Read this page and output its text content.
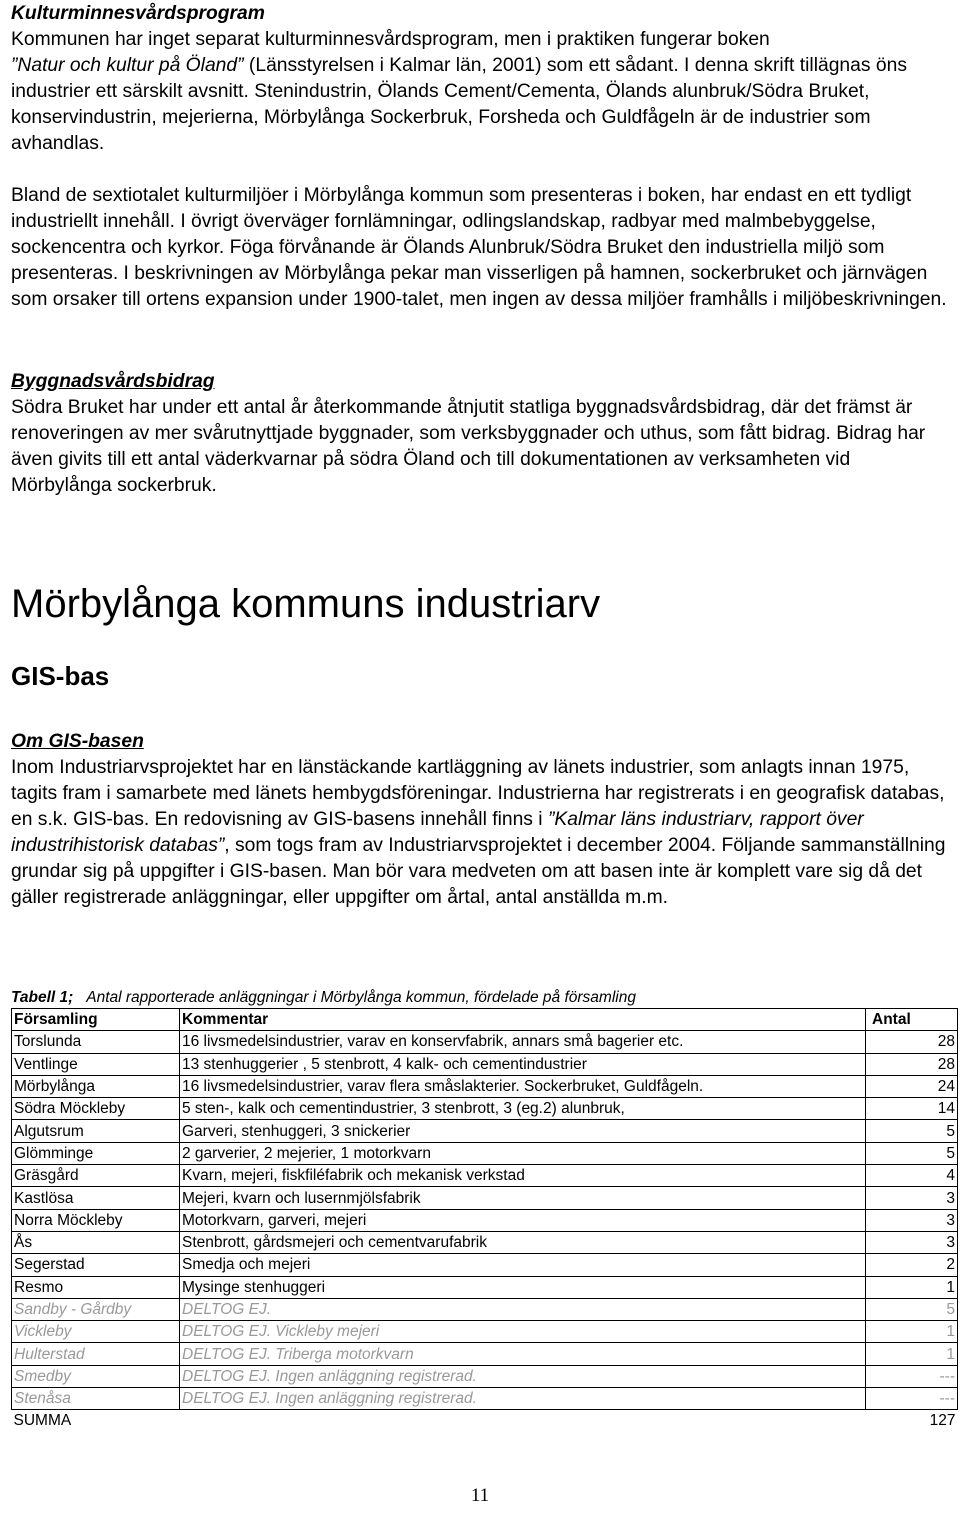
Kulturminnesvårdsprogram

Kommunen har inget separat kulturminnesvårdsprogram, men i praktiken fungerar boken
”Natur och kultur på Öland” (Länsstyrelsen i Kalmar län, 2001) som ett sådant. I denna skrift tillägnas öns industrier ett särskilt avsnitt. Stenindustrin, Ölands Cement/Cementa, Ölands alunbruk/Södra Bruket, konservindustrin, mejerierna, Mörbylånga Sockerbruk, Forsheda och Guldfågeln är de industrier som avhandlas.

Bland de sextiotalet kulturmiljöer i Mörbylånga kommun som presenteras i boken, har endast en ett tydligt industriellt innehåll. I övrigt överväger fornlämningar, odlingslandskap, radbyar med malmbebyggelse, sockencentra och kyrkor. Föga förvånande är Ölands Alunbruk/Södra Bruket den industriella miljö som presenteras. I beskrivningen av Mörbylånga pekar man visserligen på hamnen, sockerbruket och järnvägen som orsaker till ortens expansion under 1900-talet, men ingen av dessa miljöer framhålls i miljöbeskrivningen.

Byggnadsvårdsbidrag

Södra Bruket har under ett antal år återkommande åtnjutit statliga byggnadsvårdsbidrag, där det främst är renoveringen av mer svårutnyttjade byggnader, som verksbyggnader och uthus, som fått bidrag. Bidrag har även givits till ett antal väderkvarnar på södra Öland och till dokumentationen av verksamheten vid Mörbylånga sockerbruk.

Mörbylånga kommuns industriarv
GIS-bas
Om GIS-basen

Inom Industriarvsprojektet har en länstäckande kartläggning av länets industrier, som anlagts innan 1975, tagits fram i samarbete med länets hembygdsföreningar. Industrierna har registrerats i en geografisk databas, en s.k. GIS-bas. En redovisning av GIS-basens innehåll finns i ”Kalmar läns industriarv, rapport över industrihistorisk databas”, som togs fram av Industriarvsprojektet i december 2004. Följande sammanställning grundar sig på uppgifter i GIS-basen. Man bör vara medveten om att basen inte är komplett vare sig då det gäller registrerade anläggningar, eller uppgifter om årtal, antal anställda m.m.

Tabell 1; Antal rapporterade anläggningar i Mörbylånga kommun, fördelade på församling
Församling	Kommentar	Antal
Torslunda	16 livsmedelsindustrier, varav en konservfabrik, annars små bagerier etc.	28
Ventlinge	13 stenhuggerier , 5 stenbrott, 4 kalk- och cementindustrier	28
Mörbylånga	16 livsmedelsindustrier, varav flera småslakterier. Sockerbruket, Guldfågeln.	24
Södra Möckleby	5 sten-, kalk och cementindustrier, 3 stenbrott, 3 (eg.2) alunbruk,	14
Algutsrum	Garveri, stenhuggeri, 3 snickerier	5
Glömminge	2 garverier, 2 mejerier, 1 motorkvarn	5
Gräsgård	Kvarn, mejeri, fiskfiléfabrik och mekanisk verkstad	4
Kastlösa	Mejeri, kvarn och lusernmjölsfabrik	3
Norra Möckleby	Motorkvarn, garveri, mejeri	3
Ås	Stenbrott, gårdsmejeri och cementvarufabrik	3
Segerstad	Smedja och mejeri	2
Resmo	Mysinge stenhuggeri	1
Sandby - Gårdby	DELTOG EJ.	5
Vickleby	DELTOG EJ. Vickleby mejeri	1
Hulterstad	DELTOG EJ. Triberga motorkvarn	1
Smedby	DELTOG EJ. Ingen anläggning registrerad.	---
Stenåsa	DELTOG EJ. Ingen anläggning registrerad.	---
SUMMA		127
11
